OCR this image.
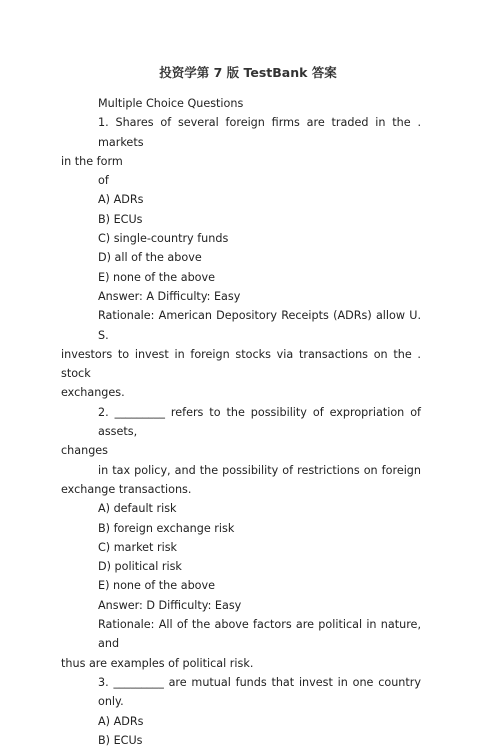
投资学第 7 版 TestBank 答案
Multiple Choice Questions
1. Shares of several foreign firms are traded in the . markets
in the form
of
A) ADRs
B) ECUs
C) single-country funds
D) all of the above
E) none of the above
Answer: A Difficulty: Easy
Rationale: American Depository Receipts (ADRs) allow U. S.
investors to invest in foreign stocks via transactions on the . stock
exchanges.
2. _________ refers to the possibility of expropriation of assets,
changes
in tax policy, and the possibility of restrictions on foreign
exchange transactions.
A) default risk
B) foreign exchange risk
C) market risk
D) political risk
E) none of the above
Answer: D Difficulty: Easy
Rationale: All of the above factors are political in nature, and
thus are examples of political risk.
3. _________ are mutual funds that invest in one country only.
A) ADRs
B) ECUs
